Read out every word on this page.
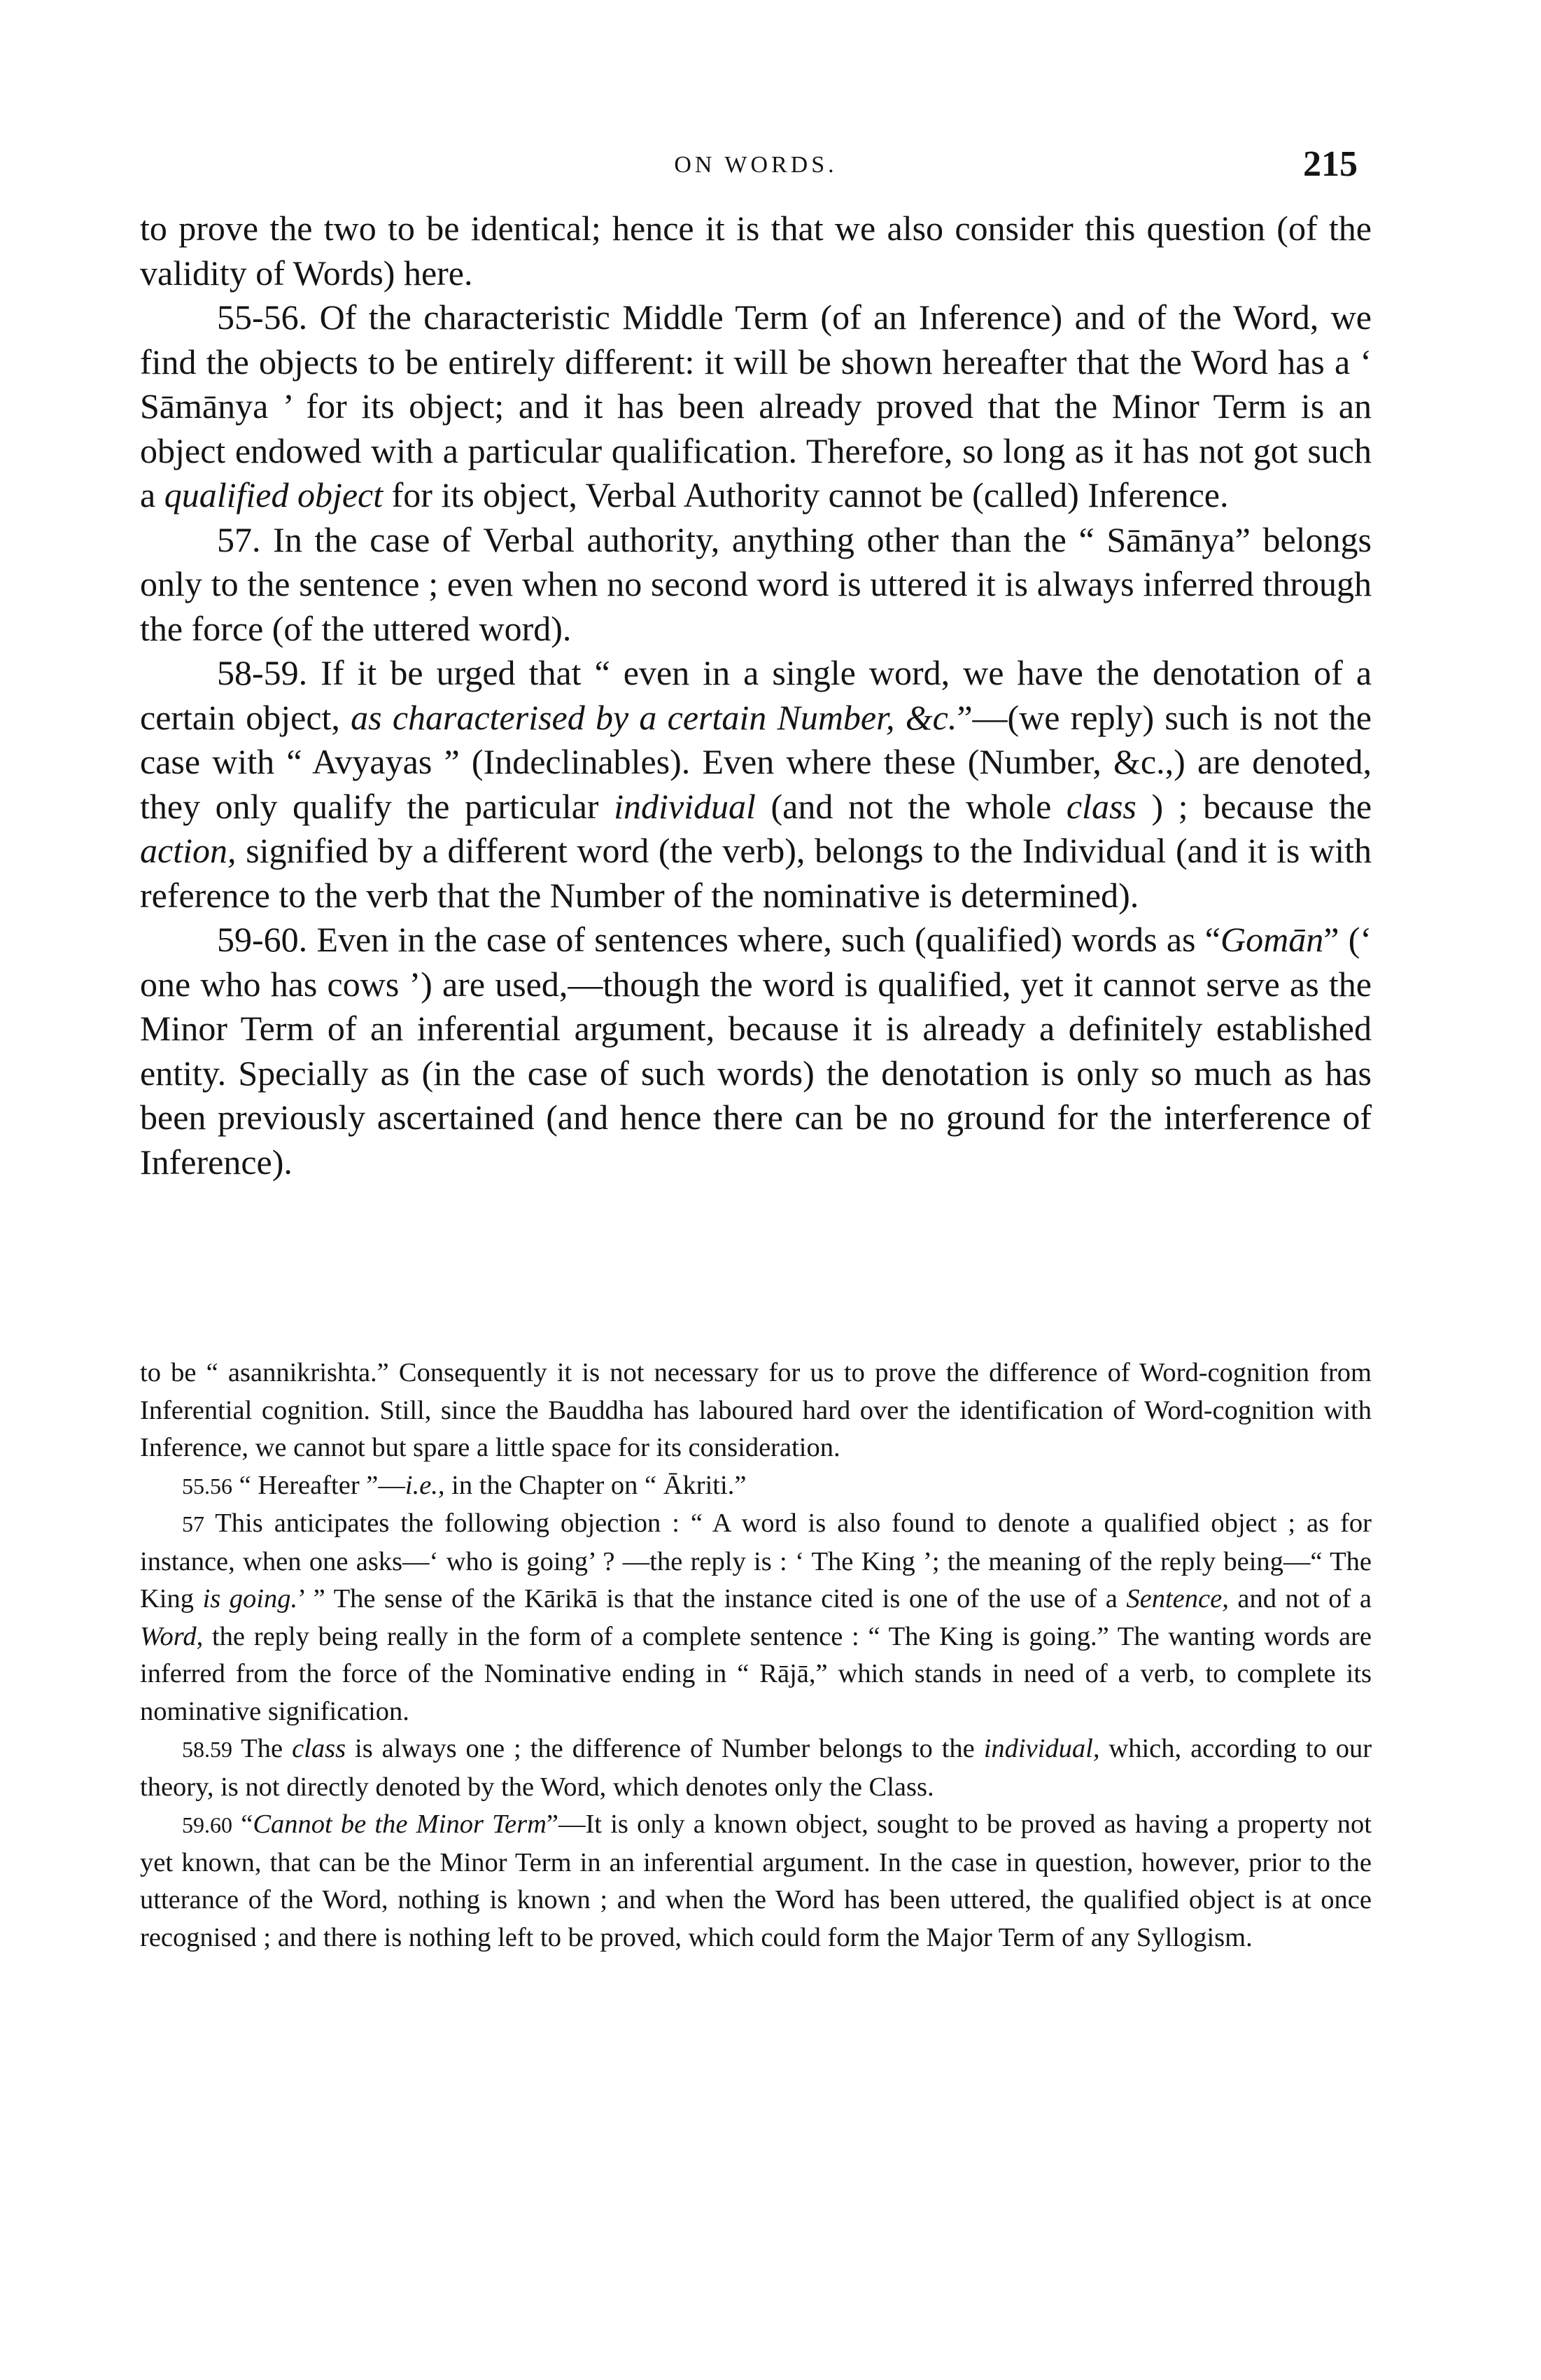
ON WORDS.	215

to prove the two to be identical; hence it is that we also consider this question (of the validity of Words) here.

55-56. Of the characteristic Middle Term (of an Inference) and of the Word, we find the objects to be entirely different: it will be shown hereafter that the Word has a ‘ Sāmānya ’ for its object; and it has been already proved that the Minor Term is an object endowed with a particular qualification. Therefore, so long as it has not got such a qualified object for its object, Verbal Authority cannot be (called) Inference.

57. In the case of Verbal authority, anything other than the “ Sāmānya” belongs only to the sentence ; even when no second word is uttered it is always inferred through the force (of the uttered word).

58-59. If it be urged that “ even in a single word, we have the denotation of a certain object, as characterised by a certain Number, &c.”—(we reply) such is not the case with “ Avyayas ” (Indeclinables). Even where these (Number, &c.,) are denoted, they only qualify the particular individual (and not the whole class ) ; because the action, signified by a different word (the verb), belongs to the Individual (and it is with reference to the verb that the Number of the nominative is determined).

59-60. Even in the case of sentences where, such (qualified) words as “Gomān” (‘ one who has cows ’) are used,—though the word is qualified, yet it cannot serve as the Minor Term of an inferential argument, because it is already a definitely established entity. Specially as (in the case of such words) the denotation is only so much as has been previously ascertained (and hence there can be no ground for the interference of Inference).

to be “ asannikrishta.” Consequently it is not necessary for us to prove the difference of Word-cognition from Inferential cognition. Still, since the Bauddha has laboured hard over the identification of Word-cognition with Inference, we cannot but spare a little space for its consideration.

55.56 “ Hereafter ”—i.e., in the Chapter on “ Ākriti.”

57 This anticipates the following objection : “ A word is also found to denote a qualified object ; as for instance, when one asks—‘ who is going’ ? —the reply is : ‘ The King ’; the meaning of the reply being—“ The King is going.’ ” The sense of the Kārikā is that the instance cited is one of the use of a Sentence, and not of a Word, the reply being really in the form of a complete sentence : “ The King is going.” The wanting words are inferred from the force of the Nominative ending in “ Rājā,” which stands in need of a verb, to complete its nominative signification.

58.59 The class is always one ; the difference of Number belongs to the individual, which, according to our theory, is not directly denoted by the Word, which denotes only the Class.

59.60 “Cannot be the Minor Term”—It is only a known object, sought to be proved as having a property not yet known, that can be the Minor Term in an inferential argument. In the case in question, however, prior to the utterance of the Word, nothing is known ; and when the Word has been uttered, the qualified object is at once recognised ; and there is nothing left to be proved, which could form the Major Term of any Syllogism.
